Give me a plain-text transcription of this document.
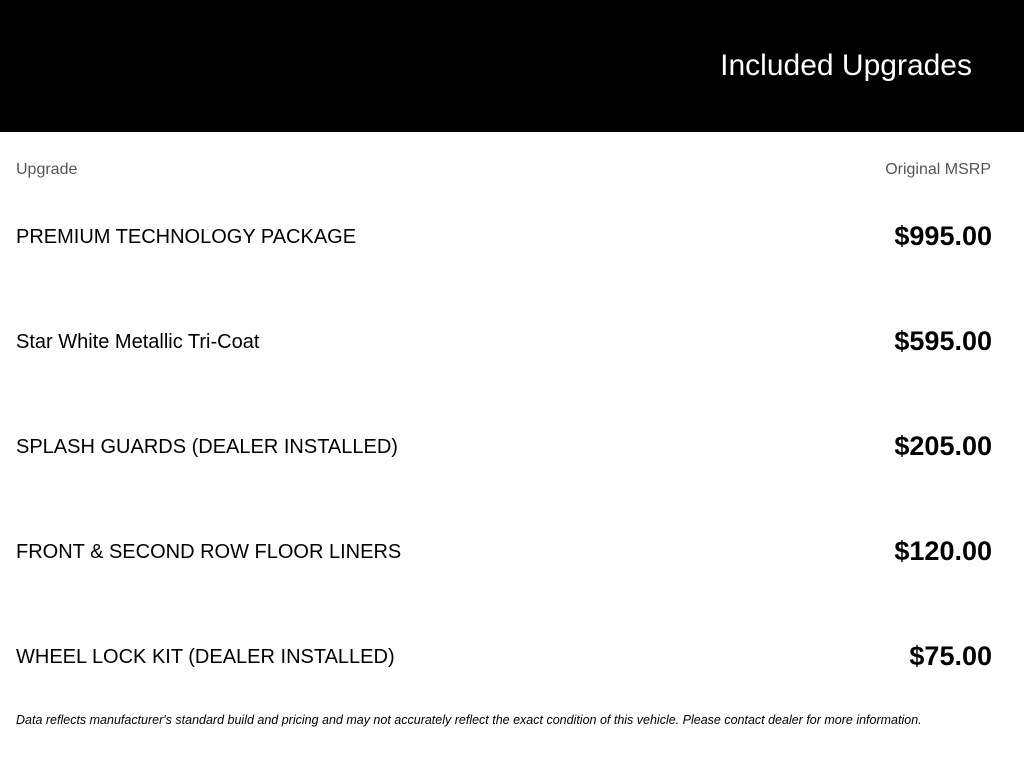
Included Upgrades
Upgrade	Original MSRP
PREMIUM TECHNOLOGY PACKAGE	$995.00
Star White Metallic Tri-Coat	$595.00
SPLASH GUARDS (DEALER INSTALLED)	$205.00
FRONT & SECOND ROW FLOOR LINERS	$120.00
WHEEL LOCK KIT (DEALER INSTALLED)	$75.00

Data reflects manufacturer's standard build and pricing and may not accurately reflect the exact condition of this vehicle. Please contact dealer for more information.
